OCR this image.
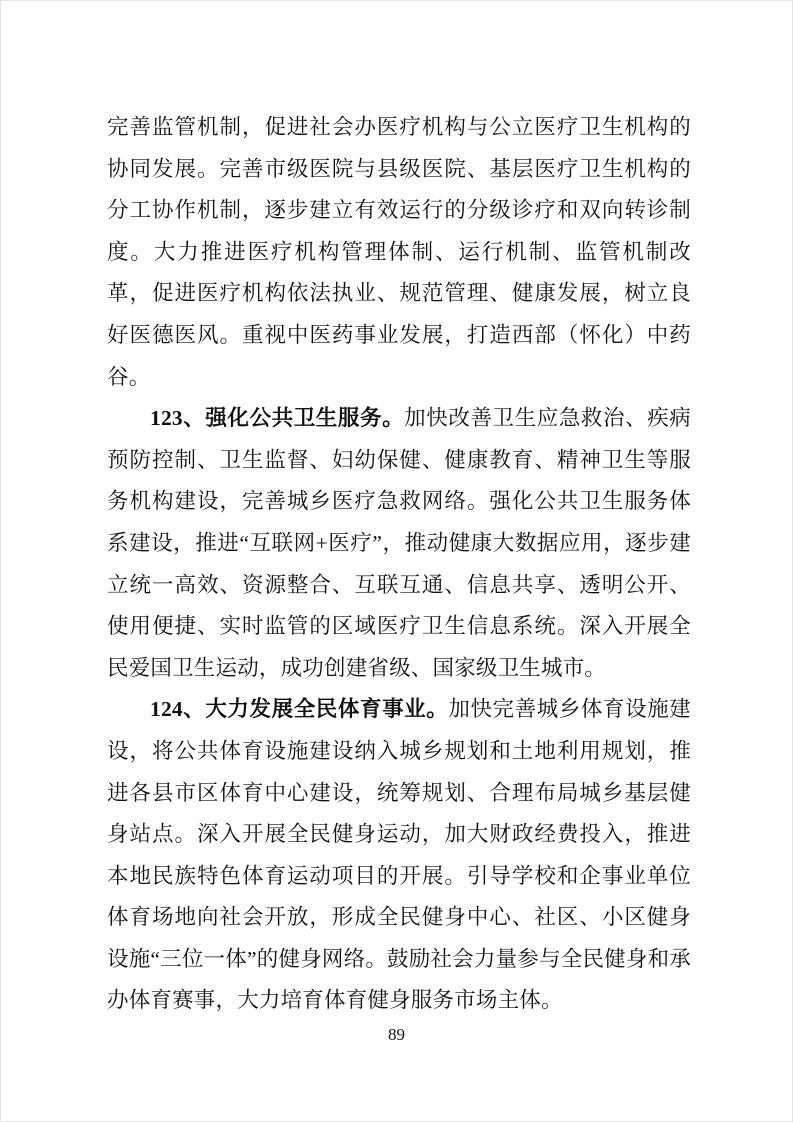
完善监管机制，促进社会办医疗机构与公立医疗卫生机构的协同发展。完善市级医院与县级医院、基层医疗卫生机构的分工协作机制，逐步建立有效运行的分级诊疗和双向转诊制度。大力推进医疗机构管理体制、运行机制、监管机制改革，促进医疗机构依法执业、规范管理、健康发展，树立良好医德医风。重视中医药事业发展，打造西部（怀化）中药谷。

123、强化公共卫生服务。加快改善卫生应急救治、疾病预防控制、卫生监督、妇幼保健、健康教育、精神卫生等服务机构建设，完善城乡医疗急救网络。强化公共卫生服务体系建设，推进“互联网+医疗”，推动健康大数据应用，逐步建立统一高效、资源整合、互联互通、信息共享、透明公开、使用便捷、实时监管的区域医疗卫生信息系统。深入开展全民爱国卫生运动，成功创建省级、国家级卫生城市。

124、大力发展全民体育事业。加快完善城乡体育设施建设，将公共体育设施建设纳入城乡规划和土地利用规划，推进各县市区体育中心建设，统筹规划、合理布局城乡基层健身站点。深入开展全民健身运动，加大财政经费投入，推进本地民族特色体育运动项目的开展。引导学校和企事业单位体育场地向社会开放，形成全民健身中心、社区、小区健身设施“三位一体”的健身网络。鼓励社会力量参与全民健身和承办体育赛事，大力培育体育健身服务市场主体。

89
